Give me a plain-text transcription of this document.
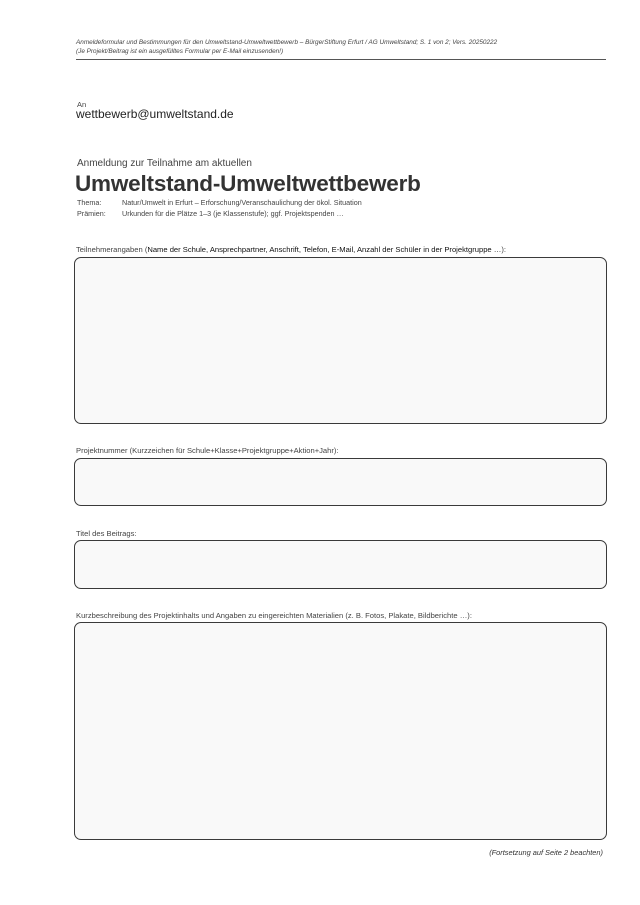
Anmeldeformular und Bestimmungen für den Umweltstand-Umweltwettbewerb – BürgerStiftung Erfurt / AG Umweltstand; S. 1 von 2; Vers. 20250222
(Je Projekt/Beitrag ist ein ausgefülltes Formular per E-Mail einzusenden!)
An
wettbewerb@umweltstand.de
Anmeldung zur Teilnahme am aktuellen
Umweltstand-Umweltwettbewerb
Thema:	Natur/Umwelt in Erfurt – Erforschung/Veranschaulichung der ökol. Situation
Prämien: Urkunden für die Plätze 1–3 (je Klassenstufe); ggf. Projektspenden …
Teilnehmerangaben (Name der Schule, Ansprechpartner, Anschrift, Telefon, E-Mail, Anzahl der Schüler in der Projektgruppe …):
Projektnummer (Kurzzeichen für Schule+Klasse+Projektgruppe+Aktion+Jahr):
Titel des Beitrags:
Kurzbeschreibung des Projektinhalts und Angaben zu eingereichten Materialien (z. B. Fotos, Plakate, Bildberichte …):
(Fortsetzung auf Seite 2 beachten)
